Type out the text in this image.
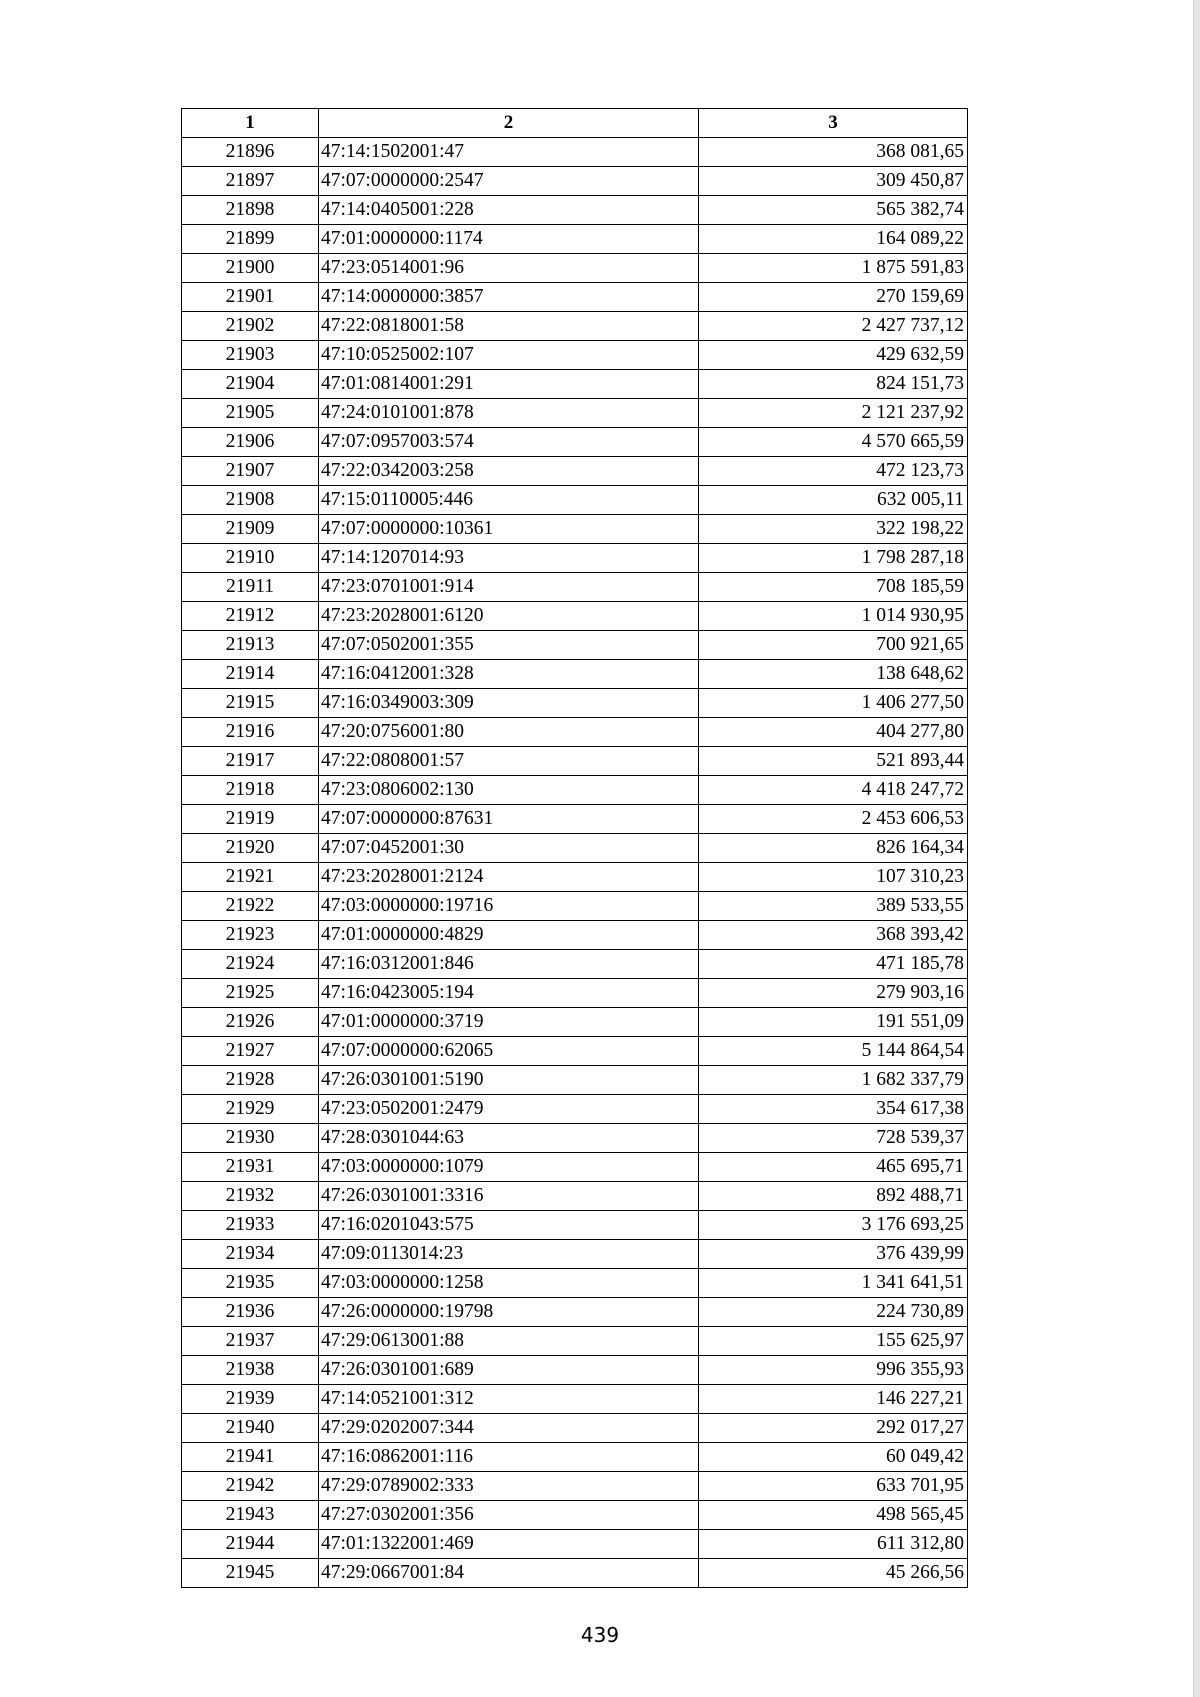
1	2	3
21896	47:14:1502001:47	368 081,65
21897	47:07:0000000:2547	309 450,87
21898	47:14:0405001:228	565 382,74
21899	47:01:0000000:1174	164 089,22
21900	47:23:0514001:96	1 875 591,83
21901	47:14:0000000:3857	270 159,69
21902	47:22:0818001:58	2 427 737,12
21903	47:10:0525002:107	429 632,59
21904	47:01:0814001:291	824 151,73
21905	47:24:0101001:878	2 121 237,92
21906	47:07:0957003:574	4 570 665,59
21907	47:22:0342003:258	472 123,73
21908	47:15:0110005:446	632 005,11
21909	47:07:0000000:10361	322 198,22
21910	47:14:1207014:93	1 798 287,18
21911	47:23:0701001:914	708 185,59
21912	47:23:2028001:6120	1 014 930,95
21913	47:07:0502001:355	700 921,65
21914	47:16:0412001:328	138 648,62
21915	47:16:0349003:309	1 406 277,50
21916	47:20:0756001:80	404 277,80
21917	47:22:0808001:57	521 893,44
21918	47:23:0806002:130	4 418 247,72
21919	47:07:0000000:87631	2 453 606,53
21920	47:07:0452001:30	826 164,34
21921	47:23:2028001:2124	107 310,23
21922	47:03:0000000:19716	389 533,55
21923	47:01:0000000:4829	368 393,42
21924	47:16:0312001:846	471 185,78
21925	47:16:0423005:194	279 903,16
21926	47:01:0000000:3719	191 551,09
21927	47:07:0000000:62065	5 144 864,54
21928	47:26:0301001:5190	1 682 337,79
21929	47:23:0502001:2479	354 617,38
21930	47:28:0301044:63	728 539,37
21931	47:03:0000000:1079	465 695,71
21932	47:26:0301001:3316	892 488,71
21933	47:16:0201043:575	3 176 693,25
21934	47:09:0113014:23	376 439,99
21935	47:03:0000000:1258	1 341 641,51
21936	47:26:0000000:19798	224 730,89
21937	47:29:0613001:88	155 625,97
21938	47:26:0301001:689	996 355,93
21939	47:14:0521001:312	146 227,21
21940	47:29:0202007:344	292 017,27
21941	47:16:0862001:116	60 049,42
21942	47:29:0789002:333	633 701,95
21943	47:27:0302001:356	498 565,45
21944	47:01:1322001:469	611 312,80
21945	47:29:0667001:84	45 266,56
439
